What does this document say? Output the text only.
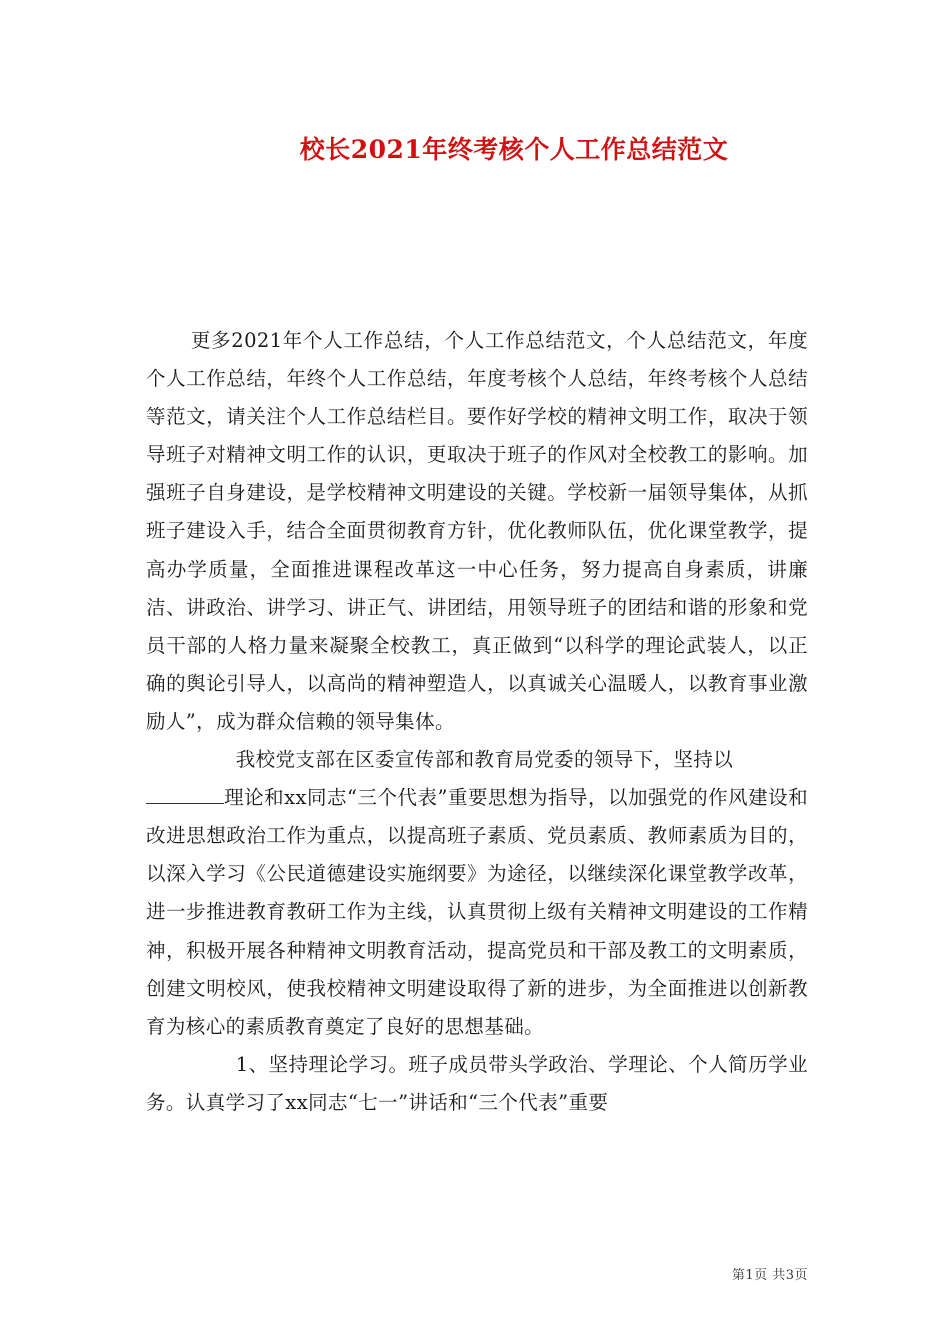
校长2021年终考核个人工作总结范文

更多2021年个人工作总结，个人工作总结范文，个人总结范文，年度个人工作总结，年终个人工作总结，年度考核个人总结，年终考核个人总结等范文，请关注个人工作总结栏目。要作好学校的精神文明工作，取决于领导班子对精神文明工作的认识，更取决于班子的作风对全校教工的影响。加强班子自身建设，是学校精神文明建设的关键。学校新一届领导集体，从抓班子建设入手，结合全面贯彻教育方针，优化教师队伍，优化课堂教学，提高办学质量，全面推进课程改革这一中心任务，努力提高自身素质，讲廉洁、讲政治、讲学习、讲正气、讲团结，用领导班子的团结和谐的形象和党员干部的人格力量来凝聚全校教工，真正做到“以科学的理论武装人，以正确的舆论引导人，以高尚的精神塑造人，以真诚关心温暖人，以教育事业激励人”，成为群众信赖的领导集体。

我校党支部在区委宣传部和教育局党委的领导下，坚持以
理论和xx同志“三个代表”重要思想为指导，以加强党的作风建设和改进思想政治工作为重点，以提高班子素质、党员素质、教师素质为目的，以深入学习《公民道德建设实施纲要》为途径，以继续深化课堂教学改革，进一步推进教育教研工作为主线，认真贯彻上级有关精神文明建设的工作精神，积极开展各种精神文明教育活动，提高党员和干部及教工的文明素质，创建文明校风，使我校精神文明建设取得了新的进步，为全面推进以创新教育为核心的素质教育奠定了良好的思想基础。

1、坚持理论学习。班子成员带头学政治、学理论、个人简历学业务。认真学习了xx同志“七一”讲话和“三个代表”重要

第1页 共3页
